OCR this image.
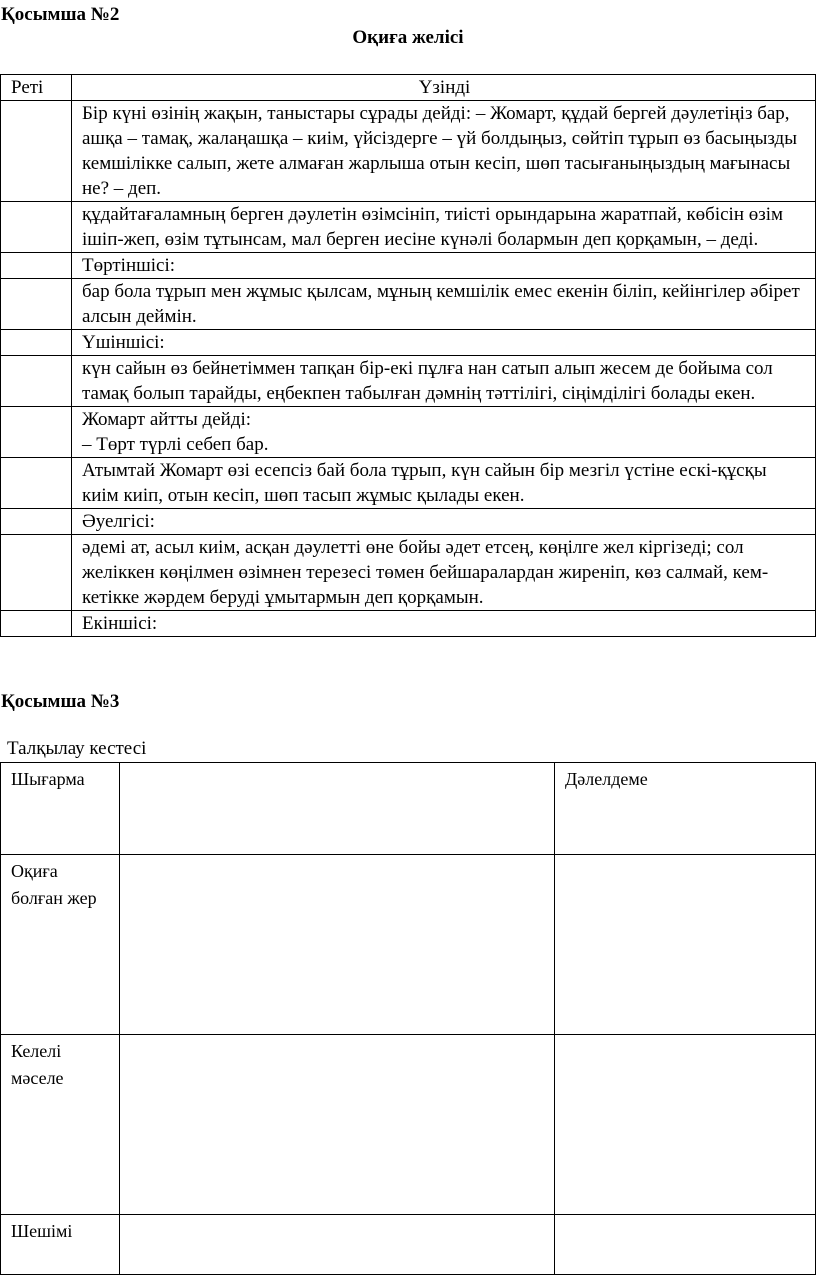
Қосымша №2
Оқиға желісі
Реті	Үзінді
	Бір күні өзінің жақын, таныстары сұрады дейді: – Жомарт, құдай бергей дәулетіңіз бар, ашқа – тамақ, жалаңашқа – киім, үйсіздерге – үй болдыңыз, сөйтіп тұрып өз басыңызды кемшілікке салып, жете алмаған жарлыша отын кесіп, шөп тасығаныңыздың мағынасы не? – деп.
	құдайтағаламның берген дәулетін өзімсініп, тиісті орындарына жаратпай, көбісін өзім ішіп-жеп, өзім тұтынсам, мал берген иесіне күнәлі болармын деп қорқамын, – деді.
	Төртіншісі:
	бар бола тұрып мен жұмыс қылсам, мұның кемшілік емес екенін біліп, кейінгілер әбірет алсын деймін.
	Үшіншісі:
	күн сайын өз бейнетіммен тапқан бір-екі пұлға нан сатып алып жесем де бойыма сол тамақ болып тарайды, еңбекпен табылған дәмнің тәттілігі, сіңімділігі болады екен.
	Жомарт айтты дейді:
– Төрт түрлі себеп бар.
	Атымтай Жомарт өзі есепсіз бай бола тұрып, күн сайын бір мезгіл үстіне ескі-құсқы киім киіп, отын кесіп, шөп тасып жұмыс қылады екен.
	Әуелгісі:
	әдемі ат, асыл киім, асқан дәулетті өне бойы әдет етсең, көңілге жел кіргізеді; сол желіккен көңілмен өзімнен терезесі төмен бейшаралардан жиреніп, көз салмай, кем-кетікке жәрдем беруді ұмытармын деп қорқамын.
	Екіншісі:
Қосымша №3
Талқылау кестесі
Шығарма		Дәлелдеме
Оқиға болған жер		
Келелі мәселе		
Шешімі		
